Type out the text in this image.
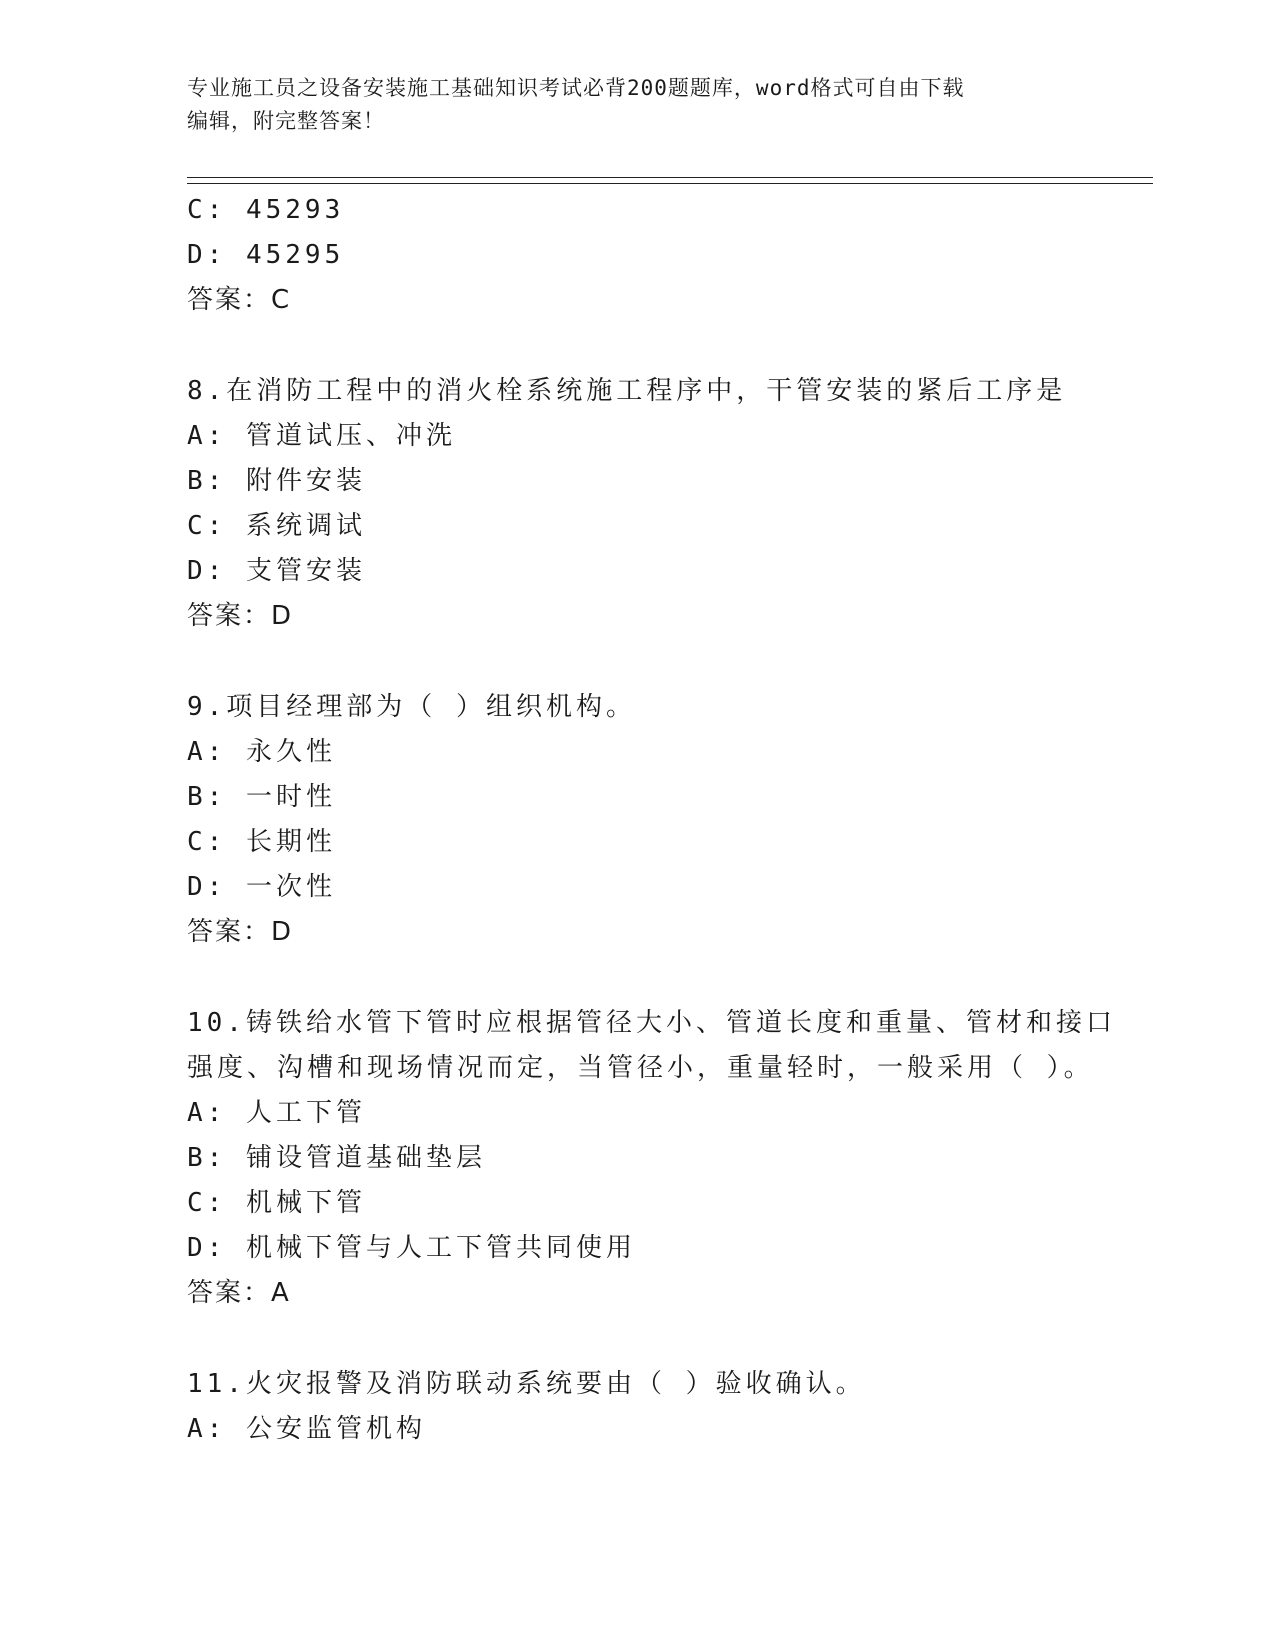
专业施工员之设备安装施工基础知识考试必背200题题库，word格式可自由下载
编辑，附完整答案！
C: 45293
D: 45295
答案：C
8.在消防工程中的消火栓系统施工程序中，干管安装的紧后工序是
A: 管道试压、冲洗
B: 附件安装
C: 系统调试
D: 支管安装
答案：D
9.项目经理部为（ ）组织机构。
A: 永久性
B: 一时性
C: 长期性
D: 一次性
答案：D
10.铸铁给水管下管时应根据管径大小、管道长度和重量、管材和接口
强度、沟槽和现场情况而定，当管径小，重量轻时，一般采用（ ）。
A: 人工下管
B: 铺设管道基础垫层
C: 机械下管
D: 机械下管与人工下管共同使用
答案：A
11.火灾报警及消防联动系统要由（ ）验收确认。
A: 公安监管机构
